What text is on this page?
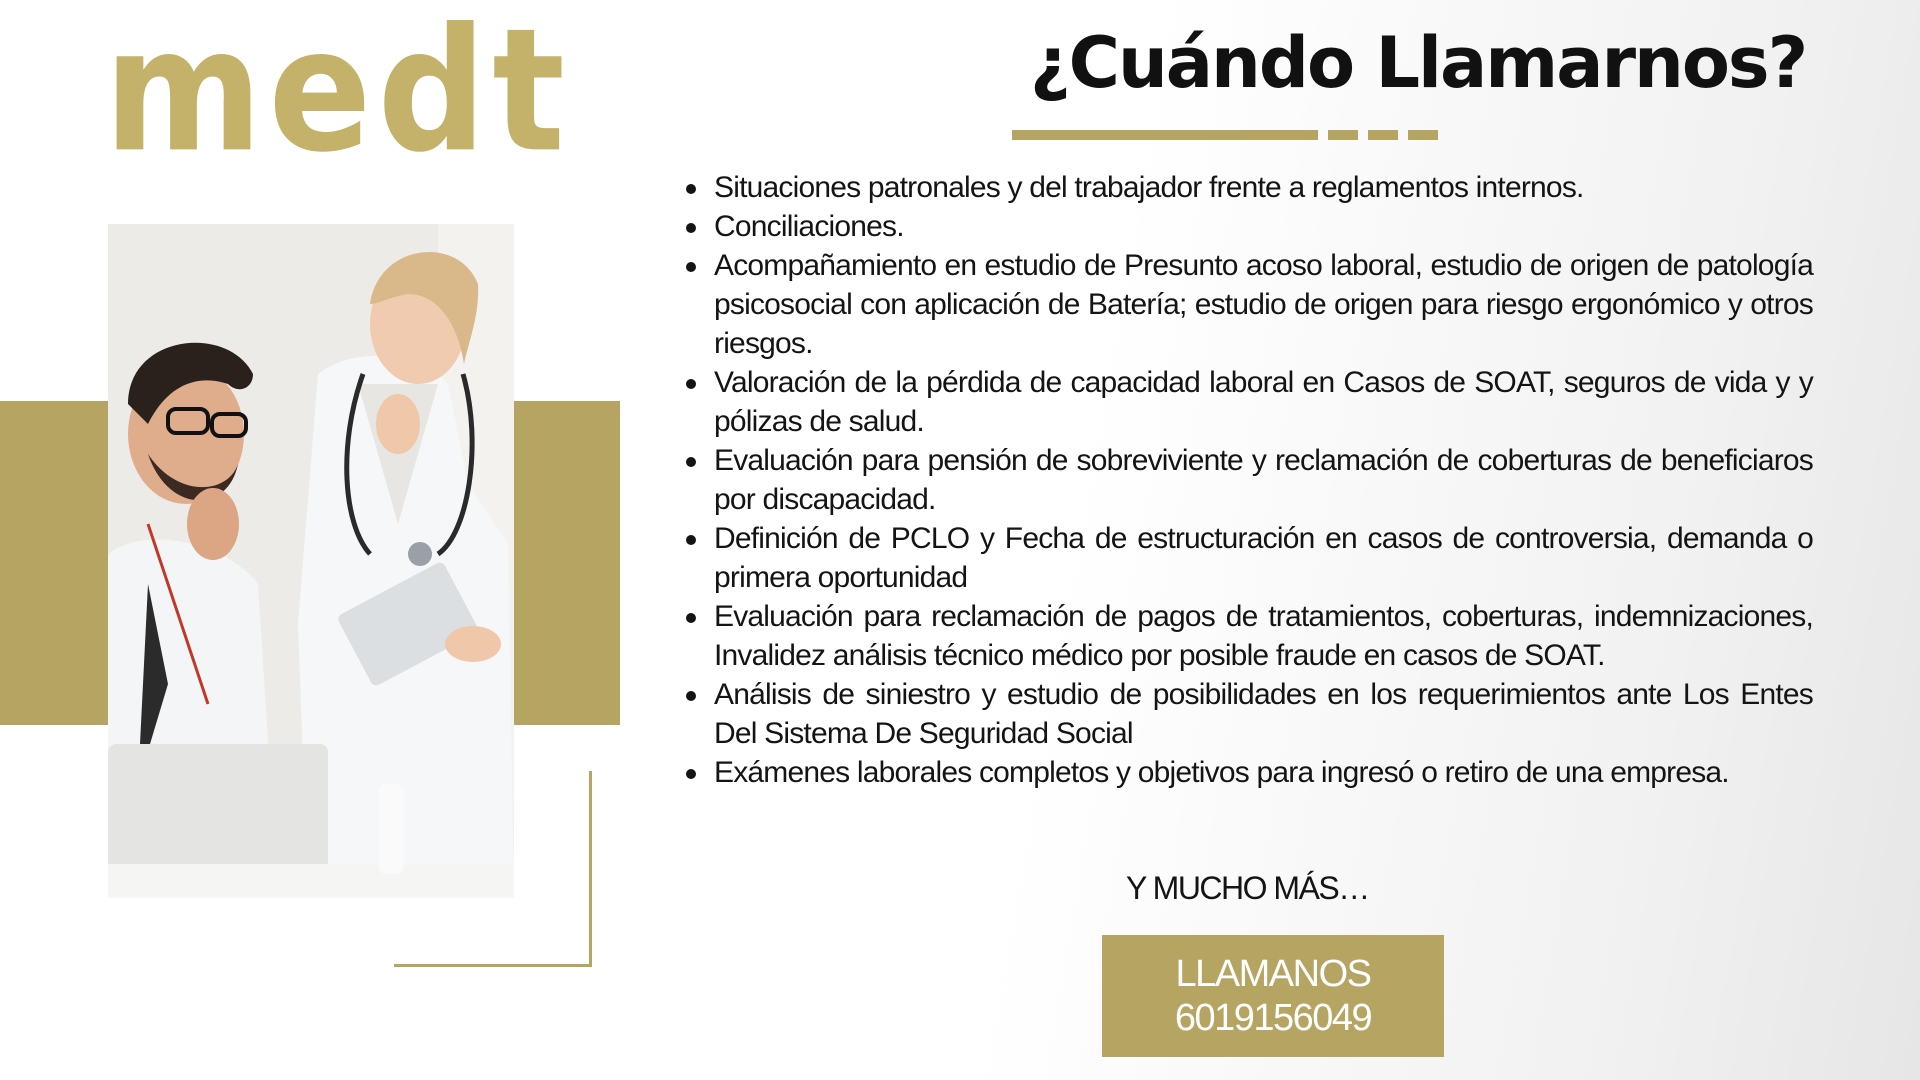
medt	¿Cuándo Llamarnos?
Situaciones patronales y del trabajador frente a reglamentos internos.
Conciliaciones.
Acompañamiento en estudio de Presunto acoso laboral, estudio de origen de patología psicosocial con aplicación de Batería; estudio de origen para riesgo ergonómico y otros riesgos.
Valoración de la pérdida de capacidad laboral en Casos de SOAT, seguros de vida y y pólizas de salud.
Evaluación para pensión de sobreviviente y reclamación de coberturas de beneficiaros por discapacidad.
Definición de PCLO y Fecha de estructuración en casos de controversia, demanda o primera oportunidad
Evaluación para reclamación de pagos de tratamientos, coberturas, indemnizaciones, Invalidez análisis técnico médico por posible fraude en casos de SOAT.
Análisis de siniestro y estudio de posibilidades en los requerimientos ante Los Entes Del Sistema De Seguridad Social
Exámenes laborales completos y objetivos para ingresó o retiro de una empresa.
Y MUCHO MÁS…
LLAMANOS
6019156049
